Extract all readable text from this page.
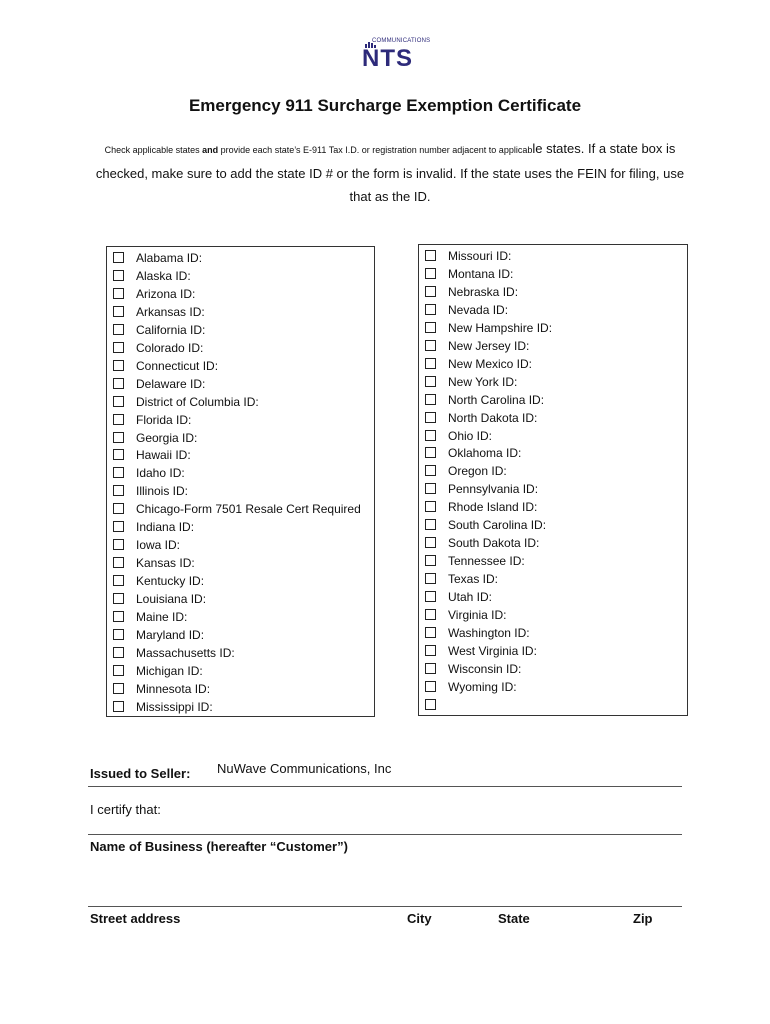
COMMUNICATIONS
NTS
Emergency 911 Surcharge Exemption Certificate
Check applicable states and provide each state’s E-911 Tax I.D. or registration number adjacent to applicable states. If a state box is checked, make sure to add the state ID # or the form is invalid. If the state uses the FEIN for filing, use that as the ID.
Alabama ID:
Alaska ID:
Arizona ID:
Arkansas ID:
California ID:
Colorado ID:
Connecticut ID:
Delaware ID:
District of Columbia ID:
Florida ID:
Georgia ID:
Hawaii ID:
Idaho ID:
Illinois ID:
Chicago-Form 7501 Resale Cert Required
Indiana ID:
Iowa ID:
Kansas ID:
Kentucky ID:
Louisiana ID:
Maine ID:
Maryland ID:
Massachusetts ID:
Michigan ID:
Minnesota ID:
Mississippi ID:
Missouri ID:
Montana ID:
Nebraska ID:
Nevada ID:
New Hampshire ID:
New Jersey ID:
New Mexico ID:
New York ID:
North Carolina ID:
North Dakota ID:
Ohio ID:
Oklahoma ID:
Oregon ID:
Pennsylvania ID:
Rhode Island ID:
South Carolina ID:
South Dakota ID:
Tennessee ID:
Texas ID:
Utah ID:
Virginia ID:
Washington ID:
West Virginia ID:
Wisconsin ID:
Wyoming ID:
Issued to Seller: NuWave Communications, Inc
I certify that:
Name of Business (hereafter “Customer”)
Street address	City	State	Zip
